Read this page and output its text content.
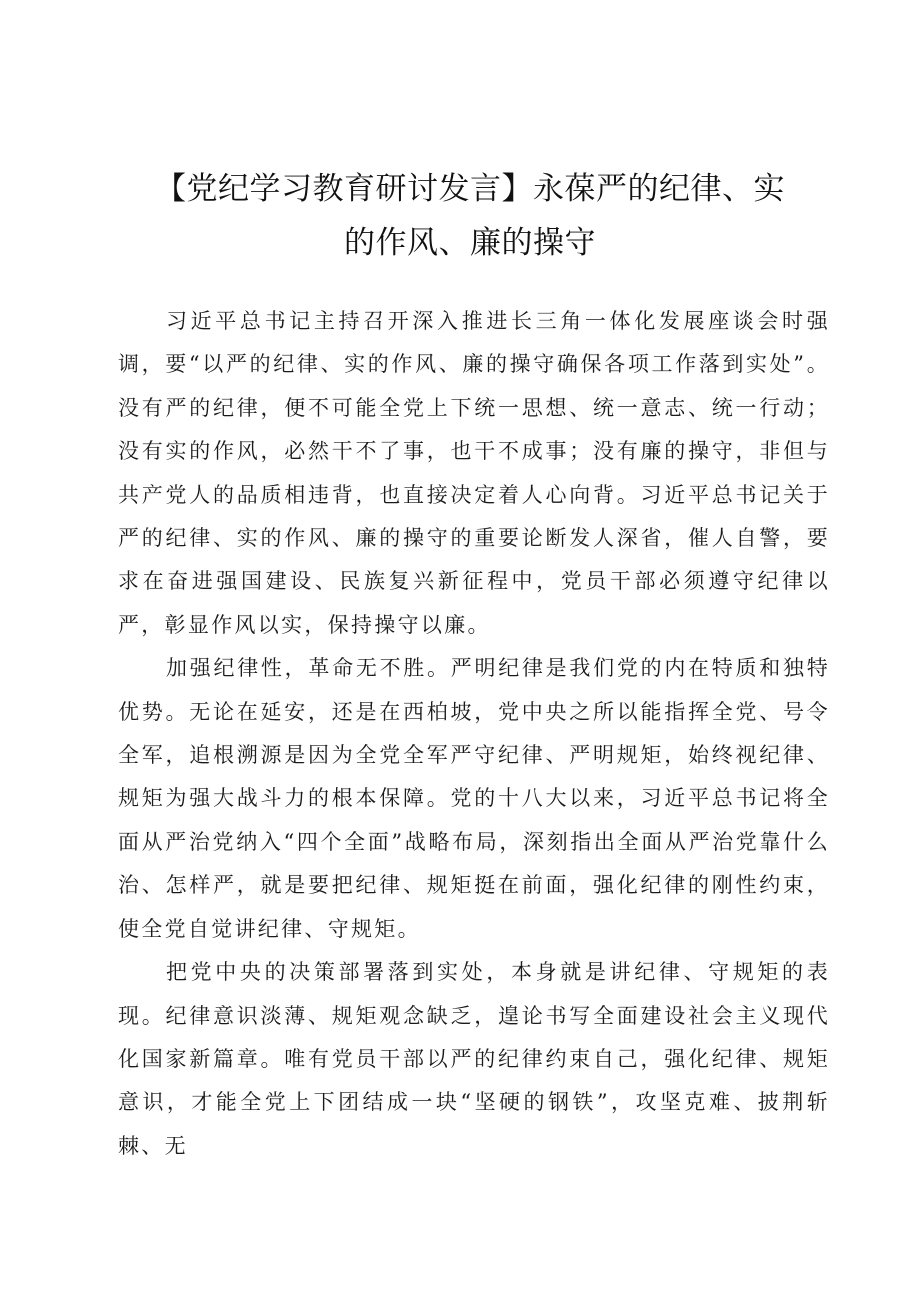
【党纪学习教育研讨发言】永葆严的纪律、实的作风、廉的操守

习近平总书记主持召开深入推进长三角一体化发展座谈会时强调，要“以严的纪律、实的作风、廉的操守确保各项工作落到实处”。没有严的纪律，便不可能全党上下统一思想、统一意志、统一行动；没有实的作风，必然干不了事，也干不成事；没有廉的操守，非但与共产党人的品质相违背，也直接决定着人心向背。习近平总书记关于严的纪律、实的作风、廉的操守的重要论断发人深省，催人自警，要求在奋进强国建设、民族复兴新征程中，党员干部必须遵守纪律以严，彰显作风以实，保持操守以廉。

加强纪律性，革命无不胜。严明纪律是我们党的内在特质和独特优势。无论在延安，还是在西柏坡，党中央之所以能指挥全党、号令全军，追根溯源是因为全党全军严守纪律、严明规矩，始终视纪律、规矩为强大战斗力的根本保障。党的十八大以来，习近平总书记将全面从严治党纳入“四个全面”战略布局，深刻指出全面从严治党靠什么治、怎样严，就是要把纪律、规矩挺在前面，强化纪律的刚性约束，使全党自觉讲纪律、守规矩。

把党中央的决策部署落到实处，本身就是讲纪律、守规矩的表现。纪律意识淡薄、规矩观念缺乏，遑论书写全面建设社会主义现代化国家新篇章。唯有党员干部以严的纪律约束自己，强化纪律、规矩意识，才能全党上下团结成一块“坚硬的钢铁”，攻坚克难、披荆斩棘、无
